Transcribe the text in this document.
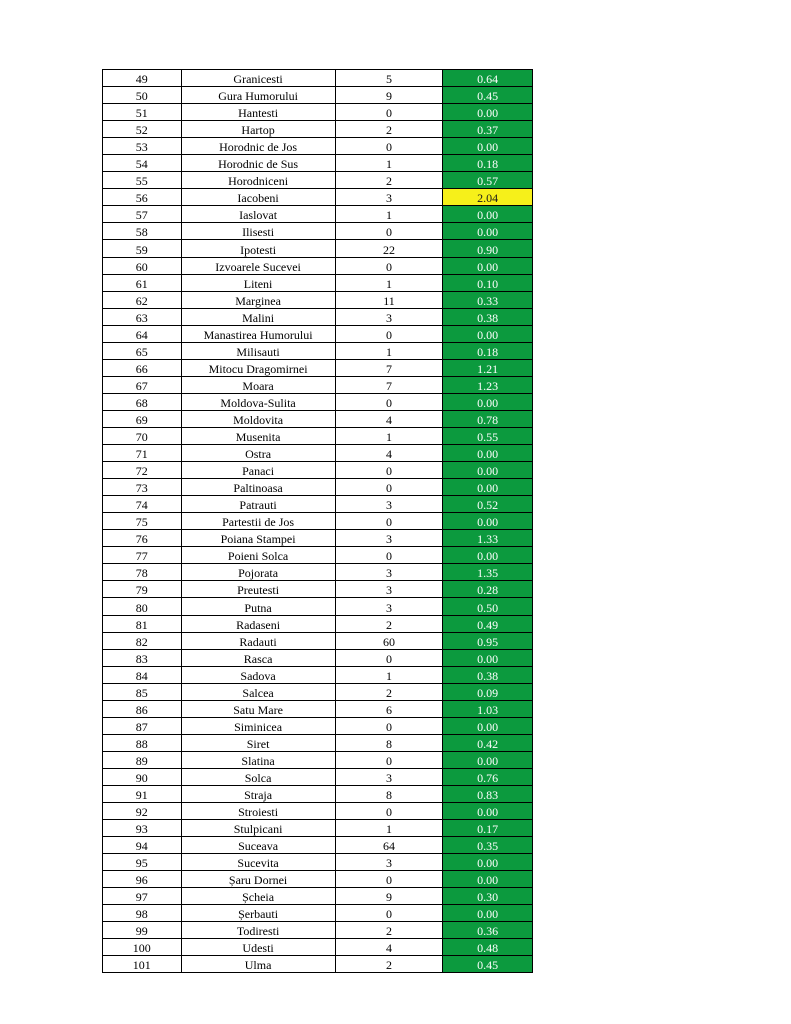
49	Granicesti	5	0.64
50	Gura Humorului	9	0.45
51	Hantesti	0	0.00
52	Hartop	2	0.37
53	Horodnic de Jos	0	0.00
54	Horodnic de Sus	1	0.18
55	Horodniceni	2	0.57
56	Iacobeni	3	2.04
57	Iaslovat	1	0.00
58	Ilisesti	0	0.00
59	Ipotesti	22	0.90
60	Izvoarele Sucevei	0	0.00
61	Liteni	1	0.10
62	Marginea	11	0.33
63	Malini	3	0.38
64	Manastirea Humorului	0	0.00
65	Milisauti	1	0.18
66	Mitocu Dragomirnei	7	1.21
67	Moara	7	1.23
68	Moldova-Sulita	0	0.00
69	Moldovita	4	0.78
70	Musenita	1	0.55
71	Ostra	4	0.00
72	Panaci	0	0.00
73	Paltinoasa	0	0.00
74	Patrauti	3	0.52
75	Partestii de Jos	0	0.00
76	Poiana Stampei	3	1.33
77	Poieni Solca	0	0.00
78	Pojorata	3	1.35
79	Preutesti	3	0.28
80	Putna	3	0.50
81	Radaseni	2	0.49
82	Radauti	60	0.95
83	Rasca	0	0.00
84	Sadova	1	0.38
85	Salcea	2	0.09
86	Satu Mare	6	1.03
87	Siminicea	0	0.00
88	Siret	8	0.42
89	Slatina	0	0.00
90	Solca	3	0.76
91	Straja	8	0.83
92	Stroiesti	0	0.00
93	Stulpicani	1	0.17
94	Suceava	64	0.35
95	Sucevita	3	0.00
96	Șaru Dornei	0	0.00
97	Șcheia	9	0.30
98	Șerbauti	0	0.00
99	Todiresti	2	0.36
100	Udesti	4	0.48
101	Ulma	2	0.45
